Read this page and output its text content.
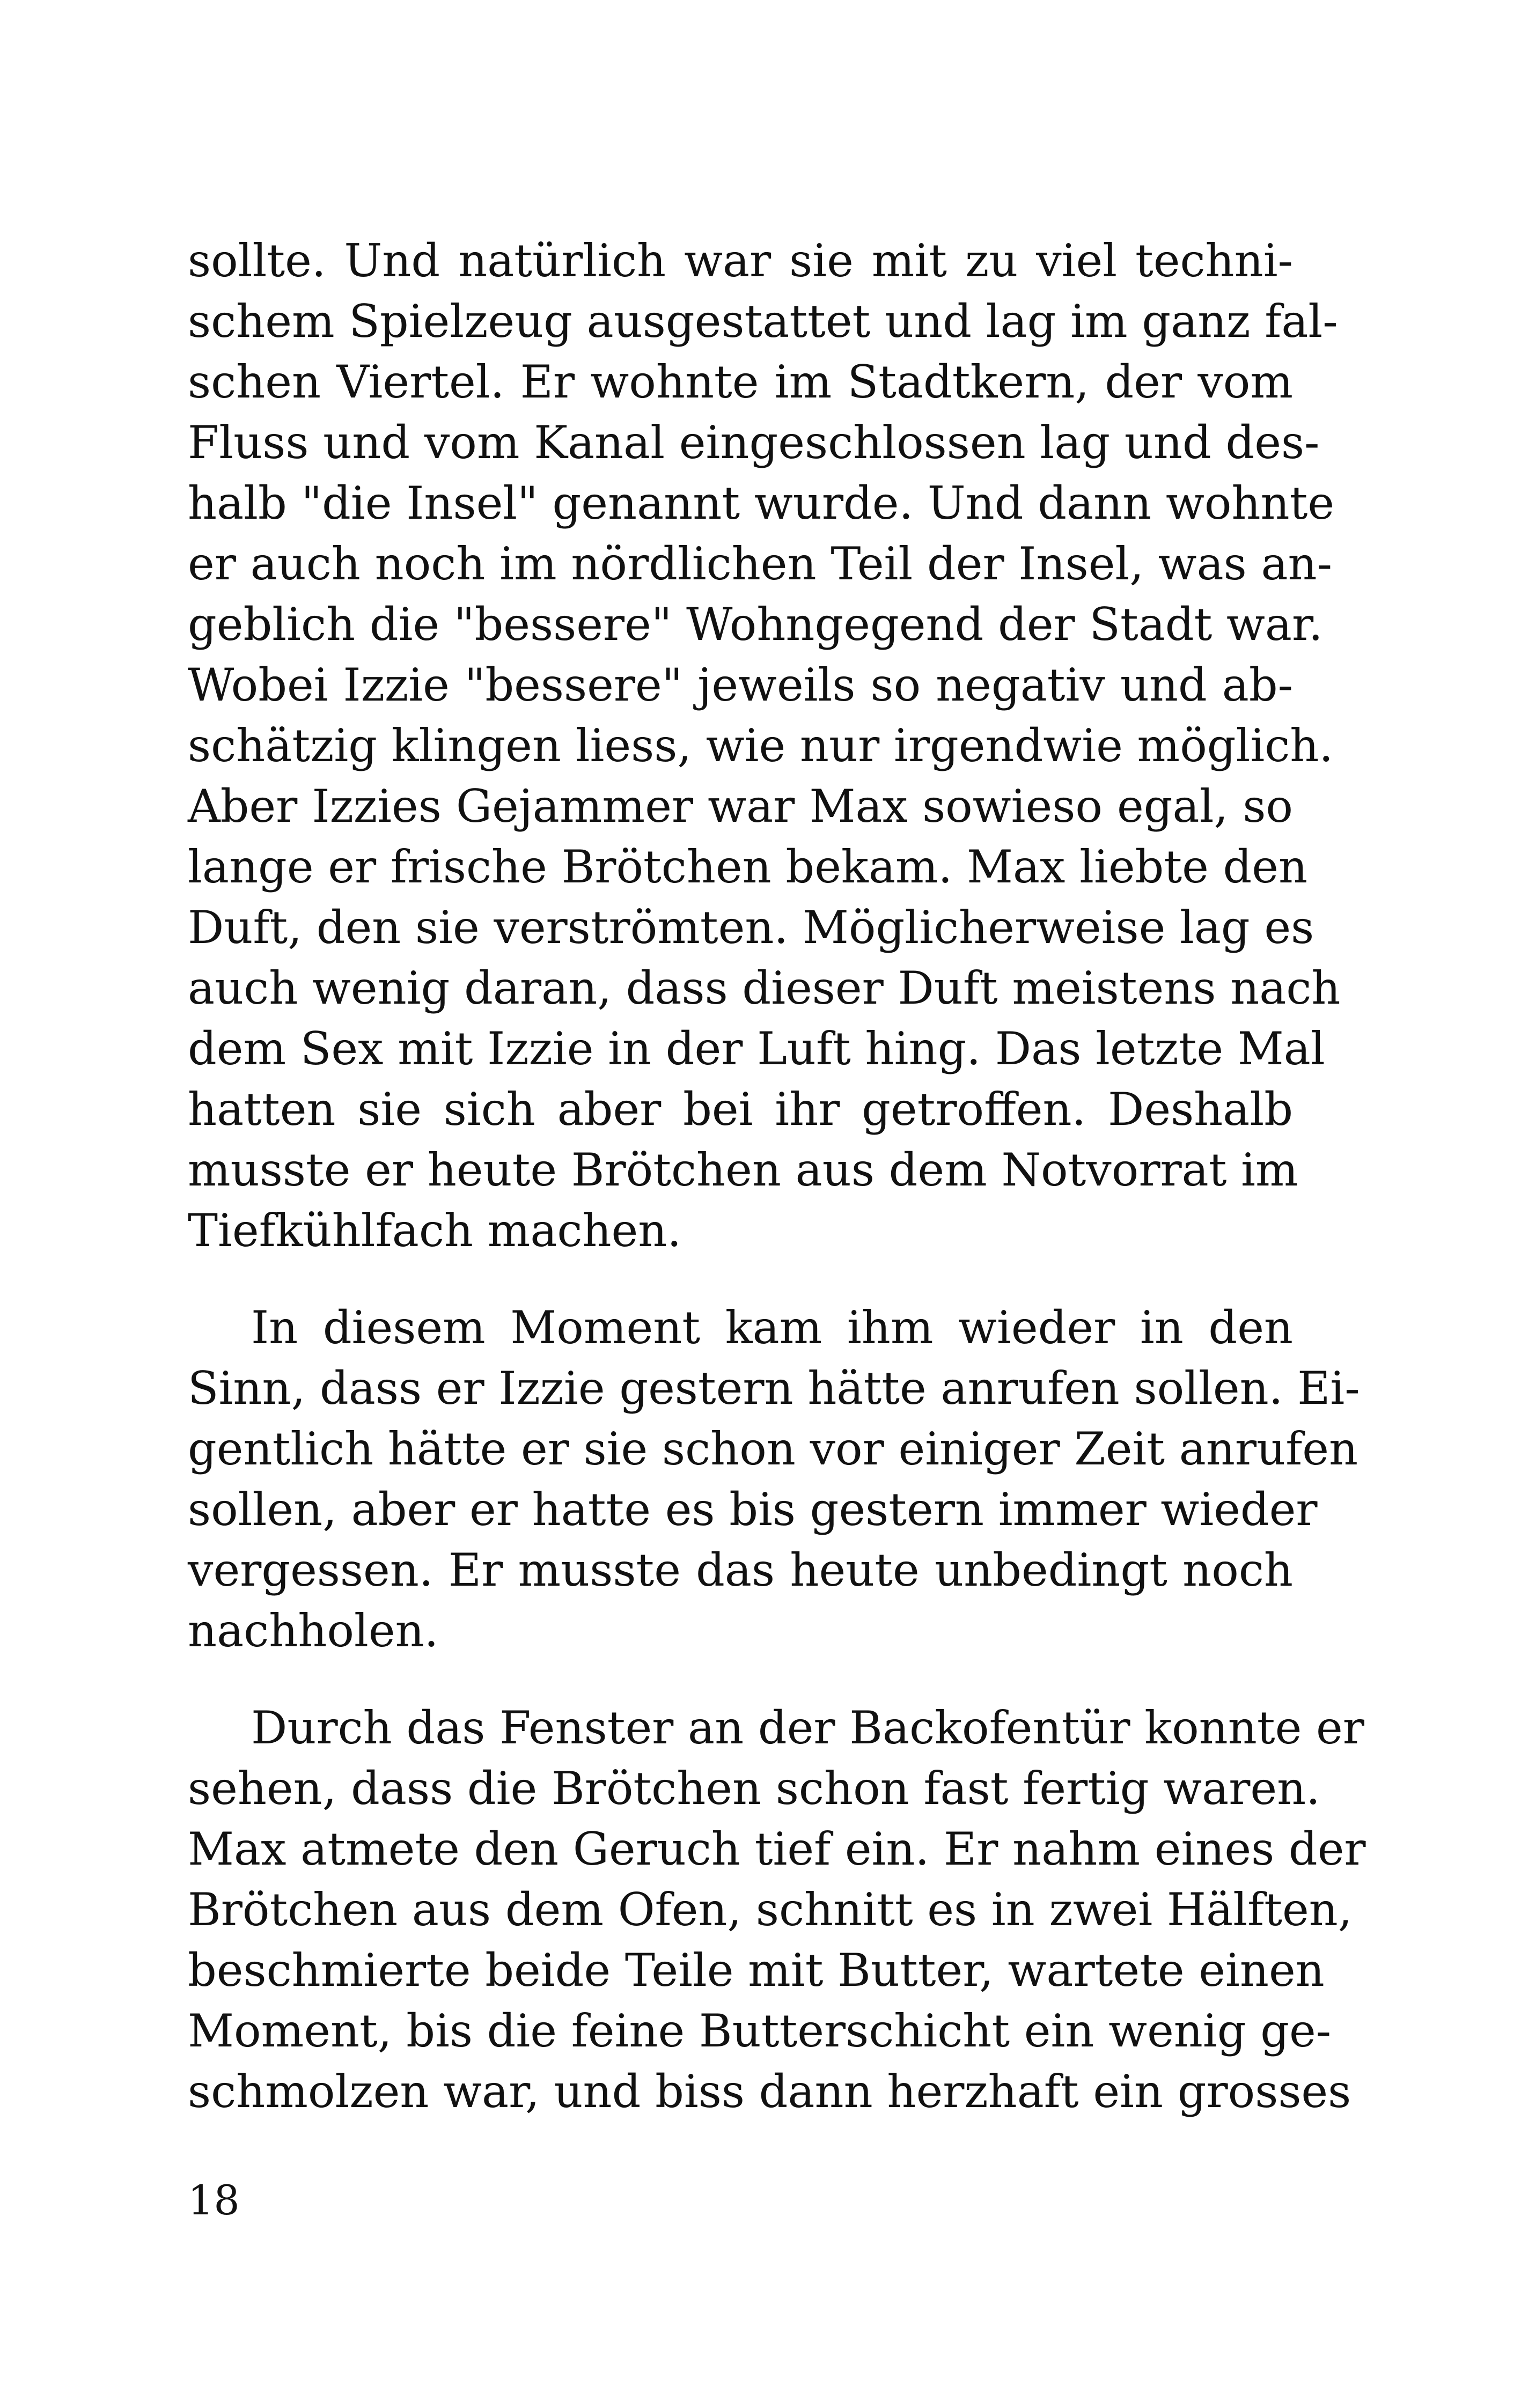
sollte. Und natürlich war sie mit zu viel techni-
schem Spielzeug ausgestattet und lag im ganz fal-
schen Viertel. Er wohnte im Stadtkern, der vom
Fluss und vom Kanal eingeschlossen lag und des-
halb "die Insel" genannt wurde. Und dann wohnte
er auch noch im nördlichen Teil der Insel, was an-
geblich die "bessere" Wohngegend der Stadt war.
Wobei Izzie "bessere" jeweils so negativ und ab-
schätzig klingen liess, wie nur irgendwie möglich.
Aber Izzies Gejammer war Max sowieso egal, so
lange er frische Brötchen bekam. Max liebte den
Duft, den sie verströmten. Möglicherweise lag es
auch wenig daran, dass dieser Duft meistens nach
dem Sex mit Izzie in der Luft hing. Das letzte Mal
hatten sie sich aber bei ihr getroffen. Deshalb
musste er heute Brötchen aus dem Notvorrat im
Tiefkühlfach machen.
In diesem Moment kam ihm wieder in den
Sinn, dass er Izzie gestern hätte anrufen sollen. Ei-
gentlich hätte er sie schon vor einiger Zeit anrufen
sollen, aber er hatte es bis gestern immer wieder
vergessen. Er musste das heute unbedingt noch
nachholen.
Durch das Fenster an der Backofentür konnte er
sehen, dass die Brötchen schon fast fertig waren.
Max atmete den Geruch tief ein. Er nahm eines der
Brötchen aus dem Ofen, schnitt es in zwei Hälften,
beschmierte beide Teile mit Butter, wartete einen
Moment, bis die feine Butterschicht ein wenig ge-
schmolzen war, und biss dann herzhaft ein grosses
18
